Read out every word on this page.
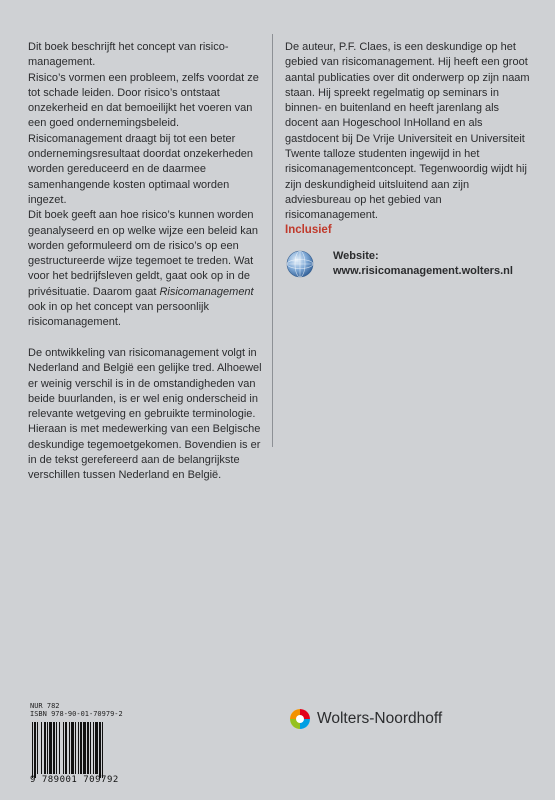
Dit boek beschrijft het concept van risico-management.

Risico’s vormen een probleem, zelfs voordat ze tot schade leiden. Door risico’s ontstaat onzekerheid en dat bemoeilijkt het voeren van een goed ondernemingsbeleid.

Risicomanagement draagt bij tot een beter ondernemingsresultaat doordat onzekerheden worden gereduceerd en de daarmee samenhangende kosten optimaal worden ingezet.

Dit boek geeft aan hoe risico’s kunnen worden geanalyseerd en op welke wijze een beleid kan worden geformuleerd om de risico’s op een gestructureerde wijze tegemoet te treden. Wat voor het bedrijfsleven geldt, gaat ook op in de privésituatie. Daarom gaat Risicomanagement ook in op het concept van persoonlijk risicomanagement.

De ontwikkeling van risicomanagement volgt in Nederland and België een gelijke tred. Alhoewel er weinig verschil is in de omstandigheden van beide buurlanden, is er wel enig onderscheid in relevante wetgeving en gebruikte terminologie. Hieraan is met medewerking van een Belgische deskundige tegemoetgekomen. Bovendien is er in de tekst gerefereerd aan de belangrijkste verschillen tussen Nederland en België.

De auteur, P.F. Claes, is een deskundige op het gebied van risicomanagement. Hij heeft een groot aantal publicaties over dit onderwerp op zijn naam staan. Hij spreekt regelmatig op seminars in binnen- en buitenland en heeft jarenlang als docent aan Hogeschool InHolland en als gastdocent bij De Vrije Universiteit en Universiteit Twente talloze studenten ingewijd in het risicomanagementconcept. Tegenwoordig wijdt hij zijn deskundigheid uitsluitend aan zijn adviesbureau op het gebied van risicomanagement.

Inclusief
Website:
www.risicomanagement.wolters.nl
NUR 782
ISBN 978-90-01-70979-2
9 789001 709792
Wolters-Noordhoff
